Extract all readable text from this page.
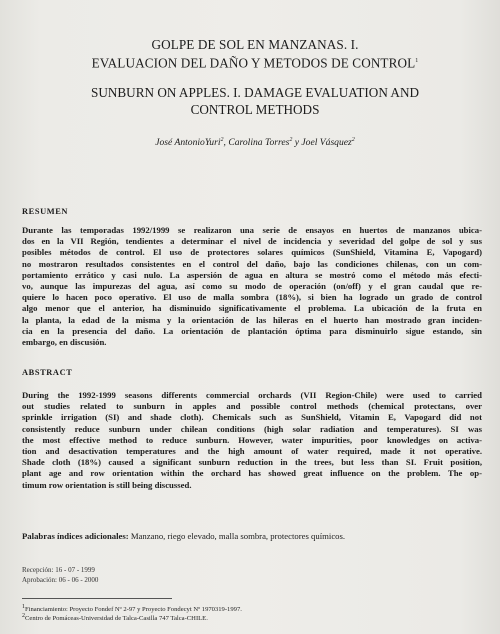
GOLPE DE SOL EN MANZANAS. I.
EVALUACION DEL DAÑO Y METODOS DE CONTROL$^1$
SUNBURN ON APPLES. I. DAMAGE EVALUATION AND
CONTROL METHODS
José AntonioYuri$^2$, Carolina Torres$^2$ y Joel Vásquez$^2$
RESUMEN
Durante las temporadas 1992/1999 se realizaron una serie de ensayos en huertos de manzanos ubica-
dos en la VII Región, tendientes a determinar el nivel de incidencia y severidad del golpe de sol y sus
posibles métodos de control. El uso de protectores solares químicos (SunShield, Vitamina E, Vapogard)
no mostraron resultados consistentes en el control del daño, bajo las condiciones chilenas, con un com-
portamiento errático y casi nulo. La aspersión de agua en altura se mostró como el método más efecti-
vo, aunque las impurezas del agua, así como su modo de operación (on/off) y el gran caudal que re-
quiere lo hacen poco operativo. El uso de malla sombra (18%), si bien ha logrado un grado de control
algo menor que el anterior, ha disminuido significativamente el problema. La ubicación de la fruta en
la planta, la edad de la misma y la orientación de las hileras en el huerto han mostrado gran inciden-
cia en la presencia del daño. La orientación de plantación óptima para disminuirlo sigue estando, sin
embargo, en discusión.
ABSTRACT
During the 1992-1999 seasons differents commercial orchards (VII Region-Chile) were used to carried
out studies related to sunburn in apples and possible control methods (chemical protectans, over
sprinkle irrigation (SI) and shade cloth). Chemicals such as SunShield, Vitamin E, Vapogard did not
consistently reduce sunburn under chilean conditions (high solar radiation and temperatures). SI was
the most effective method to reduce sunburn. However, water impurities, poor knowledges on activa-
tion and desactivation temperatures and the high amount of water required, made it not operative.
Shade cloth (18%) caused a significant sunburn reduction in the trees, but less than SI. Fruit position,
plant age and row orientation within the orchard has showed great influence on the problem. The op-
timum row orientation is still being discussed.
Palabras índices adicionales: Manzano, riego elevado, malla sombra, protectores químicos.
Recepción: 16 - 07 - 1999
Aprobación: 06 - 06 - 2000
$^1$Financiamiento: Proyecto Fondef Nº 2-97 y Proyecto Fondecyt Nº 1970319-1997.
$^2$Centro de Pomáceas-Universidad de Talca-Casilla 747 Talca-CHILE.
